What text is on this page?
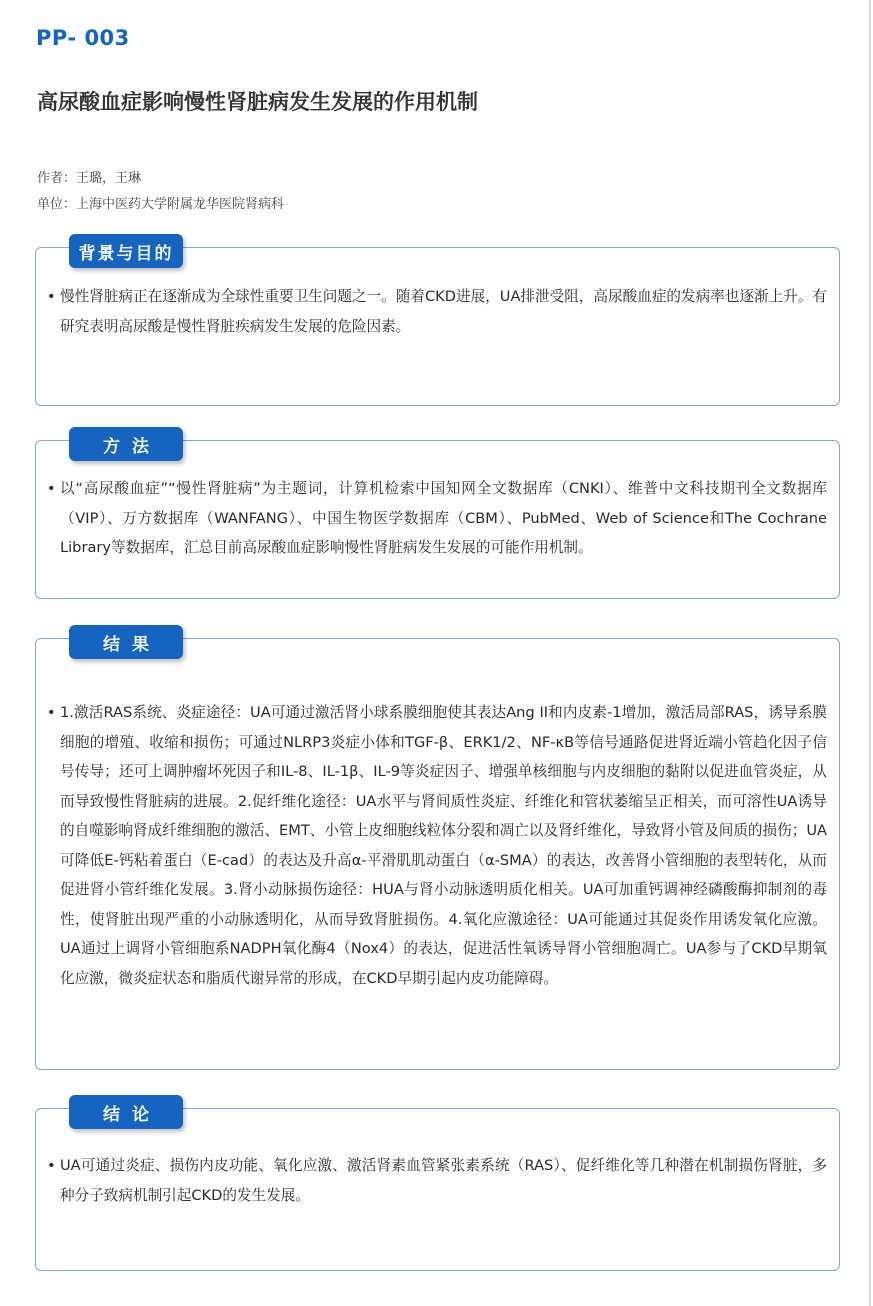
PP- 003
高尿酸血症影响慢性肾脏病发生发展的作用机制
作者：王璐，王琳
单位：上海中医药大学附属龙华医院肾病科
背景与目的
• 慢性肾脏病正在逐渐成为全球性重要卫生问题之一。随着CKD进展，UA排泄受阻，高尿酸血症的发病率也逐渐上升。有研究表明高尿酸是慢性肾脏疾病发生发展的危险因素。
方法
• 以“高尿酸血症”“慢性肾脏病”为主题词，计算机检索中国知网全文数据库（CNKI）、维普中文科技期刊全文数据库（VIP）、万方数据库（WANFANG）、中国生物医学数据库（CBM）、PubMed、Web of Science和The Cochrane Library等数据库，汇总目前高尿酸血症影响慢性肾脏病发生发展的可能作用机制。
结果
• 1.激活RAS系统、炎症途径：UA可通过激活肾小球系膜细胞使其表达Ang II和内皮素-1增加，激活局部RAS，诱导系膜细胞的增殖、收缩和损伤；可通过NLRP3炎症小体和TGF-β、ERK1/2、NF-κB等信号通路促进肾近端小管趋化因子信号传导；还可上调肿瘤坏死因子和IL-8、IL-1β、IL-9等炎症因子、增强单核细胞与内皮细胞的黏附以促进血管炎症，从而导致慢性肾脏病的进展。2.促纤维化途径：UA水平与肾间质性炎症、纤维化和管状萎缩呈正相关，而可溶性UA诱导的自噬影响肾成纤维细胞的激活、EMT、小管上皮细胞线粒体分裂和凋亡以及肾纤维化，导致肾小管及间质的损伤；UA可降低E-钙粘着蛋白（E-cad）的表达及升高α-平滑肌肌动蛋白（α-SMA）的表达，改善肾小管细胞的表型转化，从而促进肾小管纤维化发展。3.肾小动脉损伤途径：HUA与肾小动脉透明质化相关。UA可加重钙调神经磷酸酶抑制剂的毒性，使肾脏出现严重的小动脉透明化，从而导致肾脏损伤。4.氧化应激途径：UA可能通过其促炎作用诱发氧化应激。UA通过上调肾小管细胞系NADPH氧化酶4（Nox4）的表达，促进活性氧诱导肾小管细胞凋亡。UA参与了CKD早期氧化应激，微炎症状态和脂质代谢异常的形成，在CKD早期引起内皮功能障碍。
结论
• UA可通过炎症、损伤内皮功能、氧化应激、激活肾素血管紧张素系统（RAS）、促纤维化等几种潜在机制损伤肾脏，多种分子致病机制引起CKD的发生发展。
